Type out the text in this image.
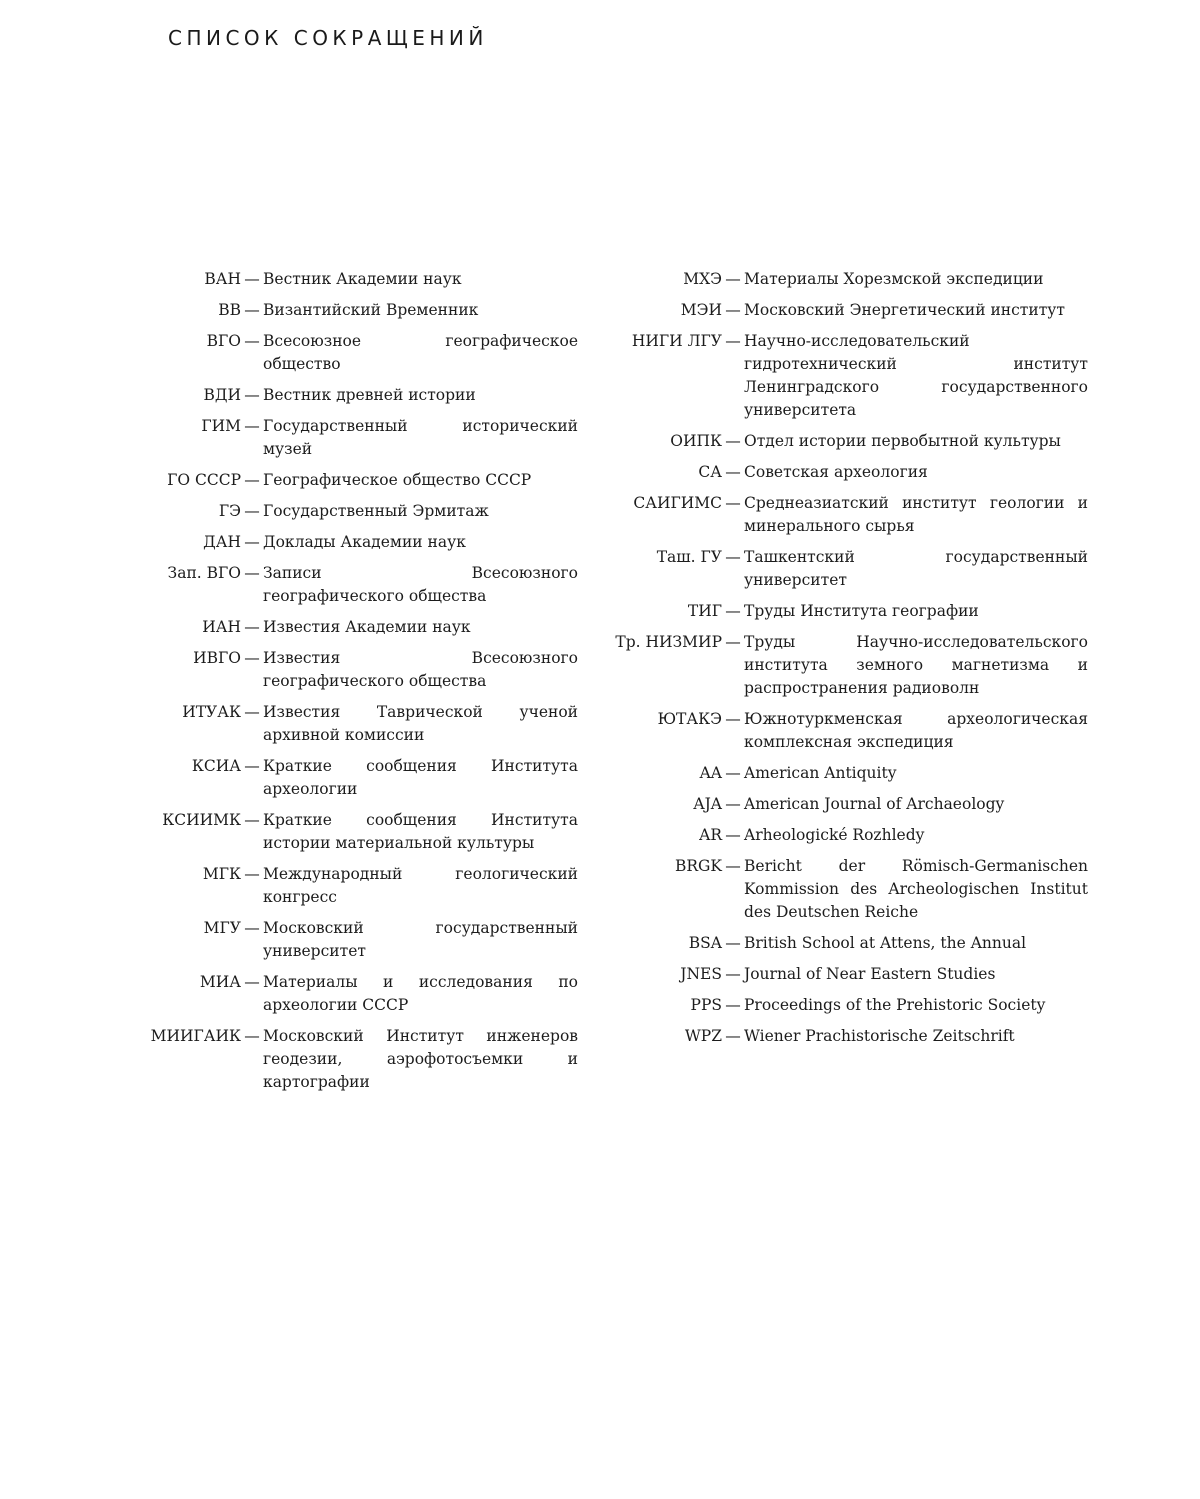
СПИСОК СОКРАЩЕНИЙ
ВАН — Вестник Академии наук
ВВ — Византийский Временник
ВГО — Всесоюзное географическое общество
ВДИ — Вестник древней истории
ГИМ — Государственный исторический музей
ГО СССР — Географическое общество СССР
ГЭ — Государственный Эрмитаж
ДАН — Доклады Академии наук
Зап. ВГО — Записи Всесоюзного географического общества
ИАН — Известия Академии наук
ИВГО — Известия Всесоюзного географического общества
ИТУАК — Известия Таврической ученой архивной комиссии
КСИА — Краткие сообщения Института археологии
КСИИМК — Краткие сообщения Института истории материальной культуры
МГК — Международный геологический конгресс
МГУ — Московский государственный университет
МИА — Материалы и исследования по археологии СССР
МИИГАИК — Московский Институт инженеров геодезии, аэрофотосъемки и картографии
МХЭ — Материалы Хорезмской экспедиции
МЭИ — Московский Энергетический институт
НИГИ ЛГУ — Научно-исследовательский гидротехнический институт Ленинградского государственного университета
ОИПК — Отдел истории первобытной культуры
СА — Советская археология
САИГИМС — Среднеазиатский институт геологии и минерального сырья
Таш. ГУ — Ташкентский государственный университет
ТИГ — Труды Института географии
Тр. НИЗМИР — Труды Научно-исследовательского института земного магнетизма и распространения радиоволн
ЮТАКЭ — Южнотуркменская археологическая комплексная экспедиция
AA — American Antiquity
AJA — American Journal of Archaeology
AR — Arheologické Rozhledy
BRGK — Bericht der Römisch-Germanischen Kommission des Archeologischen Institut des Deutschen Reiche
BSA — British School at Attens, the Annual
JNES — Journal of Near Eastern Studies
PPS — Proceedings of the Prehistoric Society
WPZ — Wiener Prachistorische Zeitschrift
